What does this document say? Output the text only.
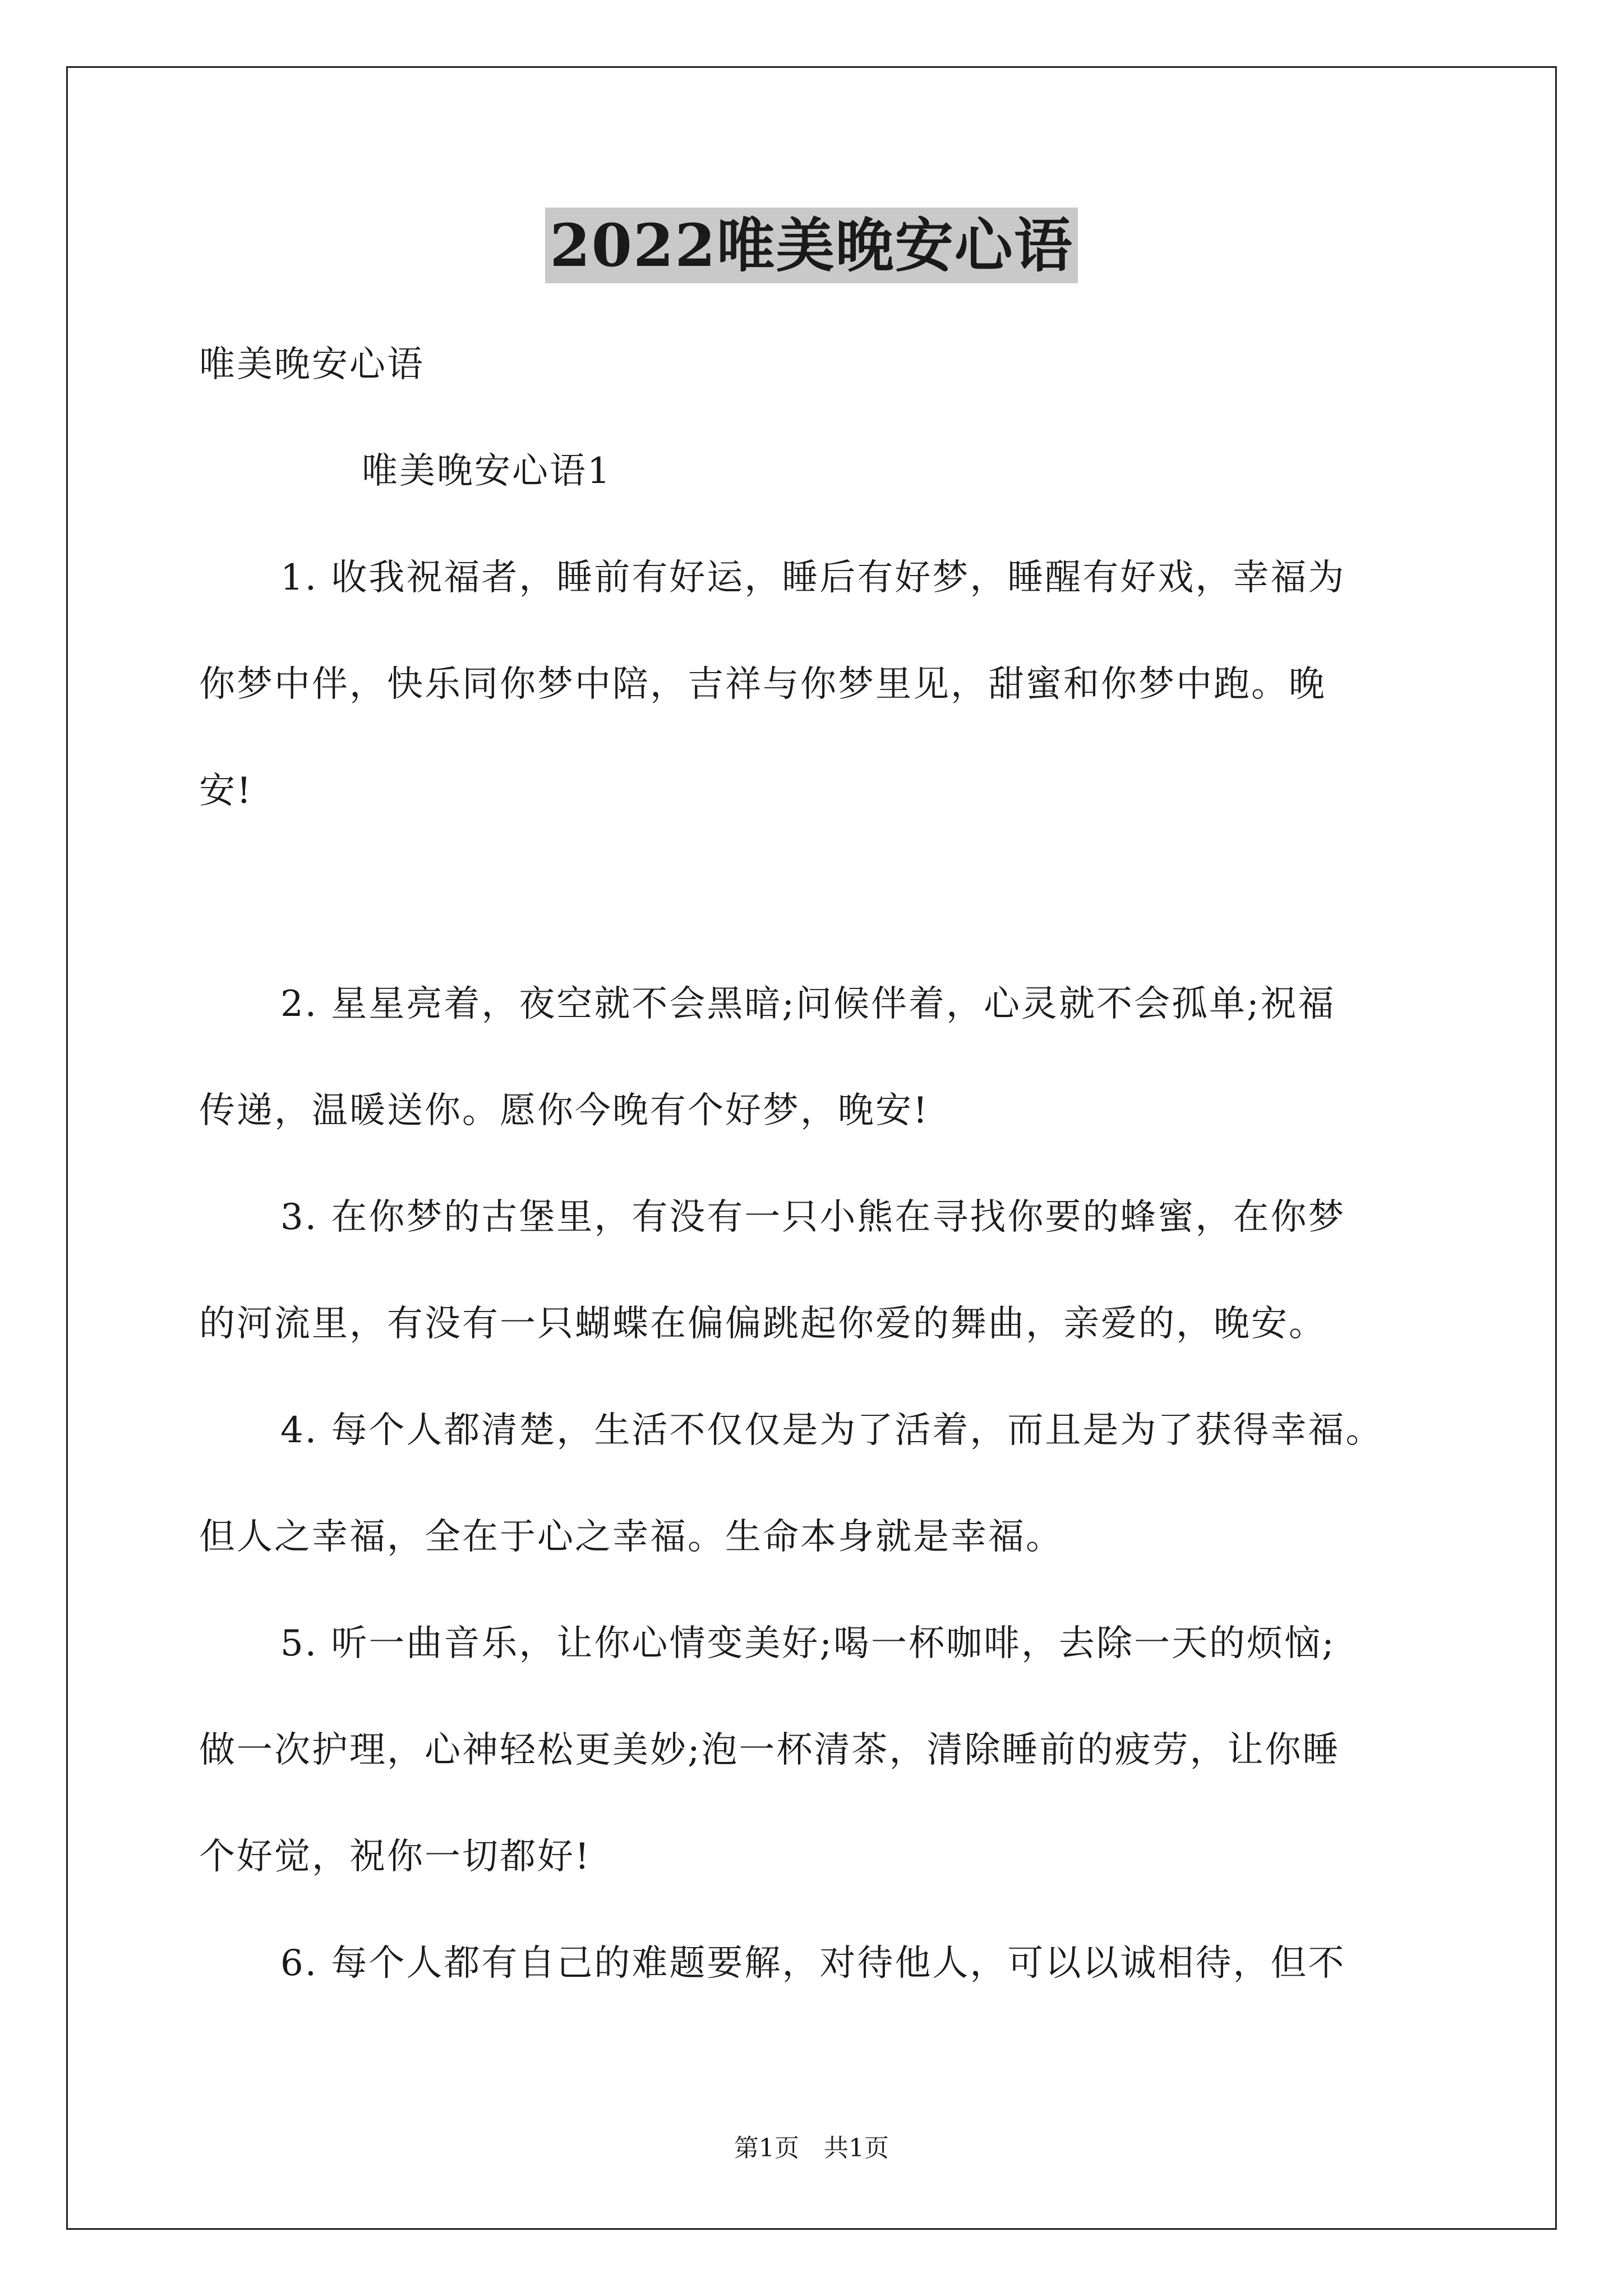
2022唯美晚安心语
唯美晚安心语
唯美晚安心语1
1. 收我祝福者，睡前有好运，睡后有好梦，睡醒有好戏，幸福为
你梦中伴，快乐同你梦中陪，吉祥与你梦里见，甜蜜和你梦中跑。晚
安!
2. 星星亮着，夜空就不会黑暗;问候伴着，心灵就不会孤单;祝福
传递，温暖送你。愿你今晚有个好梦，晚安!
3. 在你梦的古堡里，有没有一只小熊在寻找你要的蜂蜜，在你梦
的河流里，有没有一只蝴蝶在偏偏跳起你爱的舞曲，亲爱的，晚安。
4. 每个人都清楚，生活不仅仅是为了活着，而且是为了获得幸福。
但人之幸福，全在于心之幸福。生命本身就是幸福。
5. 听一曲音乐，让你心情变美好;喝一杯咖啡，去除一天的烦恼;
做一次护理，心神轻松更美妙;泡一杯清茶，清除睡前的疲劳，让你睡
个好觉，祝你一切都好!
6. 每个人都有自己的难题要解，对待他人，可以以诚相待，但不
第1页　共1页
